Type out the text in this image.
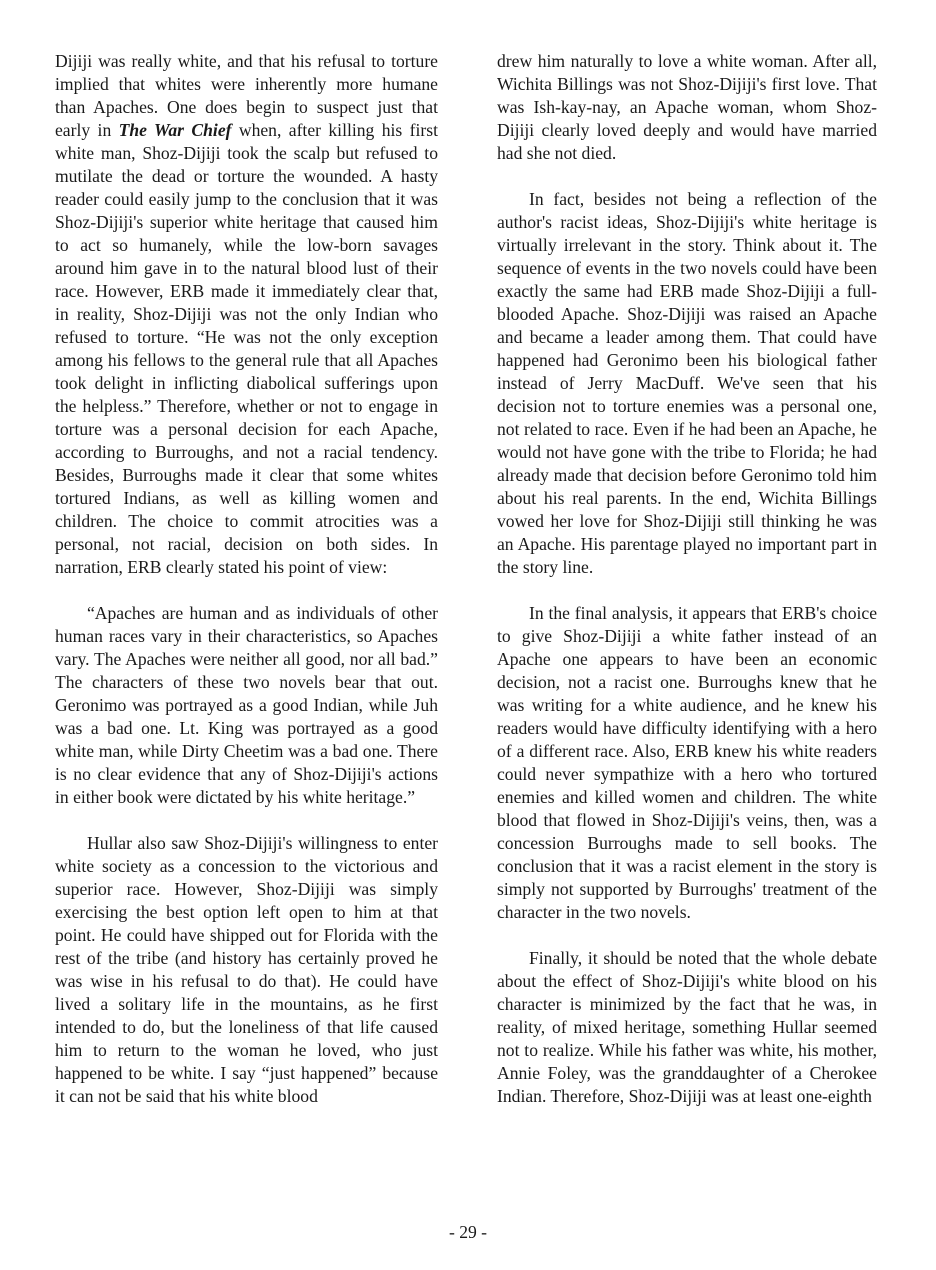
Dijiji was really white, and that his refusal to torture implied that whites were inherently more humane than Apaches. One does begin to suspect just that early in The War Chief when, after killing his first white man, Shoz-Dijiji took the scalp but refused to mutilate the dead or torture the wounded. A hasty reader could easily jump to the conclusion that it was Shoz-Dijiji's superior white heritage that caused him to act so humanely, while the low-born savages around him gave in to the natural blood lust of their race. However, ERB made it immediately clear that, in reality, Shoz-Dijiji was not the only Indian who refused to torture. “He was not the only exception among his fellows to the general rule that all Apaches took delight in inflicting diabolical sufferings upon the helpless.” Therefore, whether or not to engage in torture was a personal decision for each Apache, according to Burroughs, and not a racial tendency. Besides, Burroughs made it clear that some whites tortured Indians, as well as killing women and children. The choice to commit atrocities was a personal, not racial, decision on both sides. In narration, ERB clearly stated his point of view:

“Apaches are human and as individuals of other human races vary in their characteristics, so Apaches vary. The Apaches were neither all good, nor all bad.” The characters of these two novels bear that out. Geronimo was portrayed as a good Indian, while Juh was a bad one. Lt. King was portrayed as a good white man, while Dirty Cheetim was a bad one. There is no clear evidence that any of Shoz-Dijiji's actions in either book were dictated by his white heritage.”

Hullar also saw Shoz-Dijiji's willingness to enter white society as a concession to the victorious and superior race. However, Shoz-Dijiji was simply exercising the best option left open to him at that point. He could have shipped out for Florida with the rest of the tribe (and history has certainly proved he was wise in his refusal to do that). He could have lived a solitary life in the mountains, as he first intended to do, but the loneliness of that life caused him to return to the woman he loved, who just happened to be white. I say “just happened” because it can not be said that his white blood

drew him naturally to love a white woman. After all, Wichita Billings was not Shoz-Dijiji's first love. That was Ish-kay-nay, an Apache woman, whom Shoz-Dijiji clearly loved deeply and would have married had she not died.

In fact, besides not being a reflection of the author's racist ideas, Shoz-Dijiji's white heritage is virtually irrelevant in the story. Think about it. The sequence of events in the two novels could have been exactly the same had ERB made Shoz-Dijiji a full-blooded Apache. Shoz-Dijiji was raised an Apache and became a leader among them. That could have happened had Geronimo been his biological father instead of Jerry MacDuff. We've seen that his decision not to torture enemies was a personal one, not related to race. Even if he had been an Apache, he would not have gone with the tribe to Florida; he had already made that decision before Geronimo told him about his real parents. In the end, Wichita Billings vowed her love for Shoz-Dijiji still thinking he was an Apache. His parentage played no important part in the story line.

In the final analysis, it appears that ERB's choice to give Shoz-Dijiji a white father instead of an Apache one appears to have been an economic decision, not a racist one. Burroughs knew that he was writing for a white audience, and he knew his readers would have difficulty identifying with a hero of a different race. Also, ERB knew his white readers could never sympathize with a hero who tortured enemies and killed women and children. The white blood that flowed in Shoz-Dijiji's veins, then, was a concession Burroughs made to sell books. The conclusion that it was a racist element in the story is simply not supported by Burroughs' treatment of the character in the two novels.

Finally, it should be noted that the whole debate about the effect of Shoz-Dijiji's white blood on his character is minimized by the fact that he was, in reality, of mixed heritage, something Hullar seemed not to realize. While his father was white, his mother, Annie Foley, was the granddaughter of a Cherokee Indian. Therefore, Shoz-Dijiji was at least one-eighth

- 29 -
